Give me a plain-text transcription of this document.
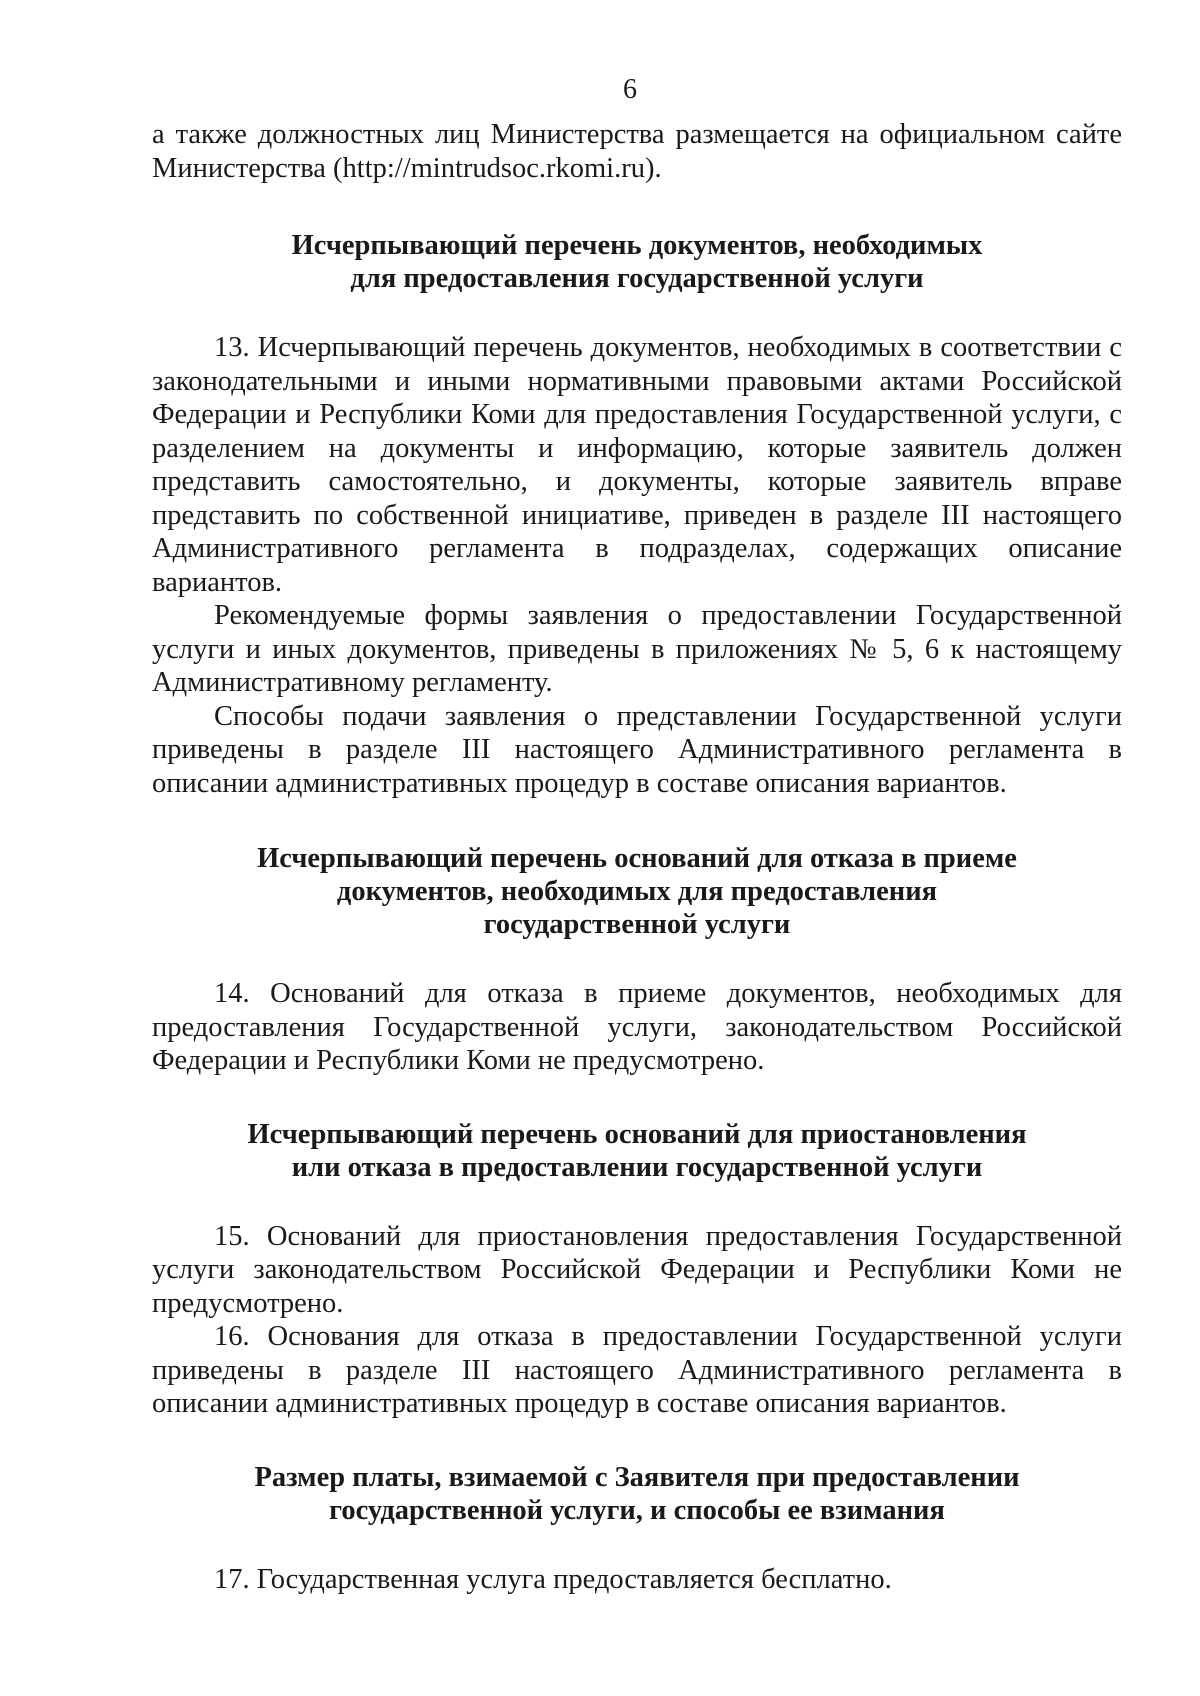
6

а также должностных лиц Министерства размещается на официальном сайте Министерства (http://mintrudsoc.rkomi.ru).

Исчерпывающий перечень документов, необходимых
для предоставления государственной услуги

13. Исчерпывающий перечень документов, необходимых в соответствии с законодательными и иными нормативными правовыми актами Российской Федерации и Республики Коми для предоставления Государственной услуги, с разделением на документы и информацию, которые заявитель должен представить самостоятельно, и документы, которые заявитель вправе представить по собственной инициативе, приведен в разделе III настоящего Административного регламента в подразделах, содержащих описание вариантов.

Рекомендуемые формы заявления о предоставлении Государственной услуги и иных документов, приведены в приложениях № 5, 6 к настоящему Административному регламенту.

Способы подачи заявления о представлении Государственной услуги приведены в разделе III настоящего Административного регламента в описании административных процедур в составе описания вариантов.

Исчерпывающий перечень оснований для отказа в приеме
документов, необходимых для предоставления
государственной услуги

14. Оснований для отказа в приеме документов, необходимых для предоставления Государственной услуги, законодательством Российской Федерации и Республики Коми не предусмотрено.

Исчерпывающий перечень оснований для приостановления
или отказа в предоставлении государственной услуги

15. Оснований для приостановления предоставления Государственной услуги законодательством Российской Федерации и Республики Коми не предусмотрено.

16. Основания для отказа в предоставлении Государственной услуги приведены в разделе III настоящего Административного регламента в описании административных процедур в составе описания вариантов.

Размер платы, взимаемой с Заявителя при предоставлении
государственной услуги, и способы ее взимания

17. Государственная услуга предоставляется бесплатно.
